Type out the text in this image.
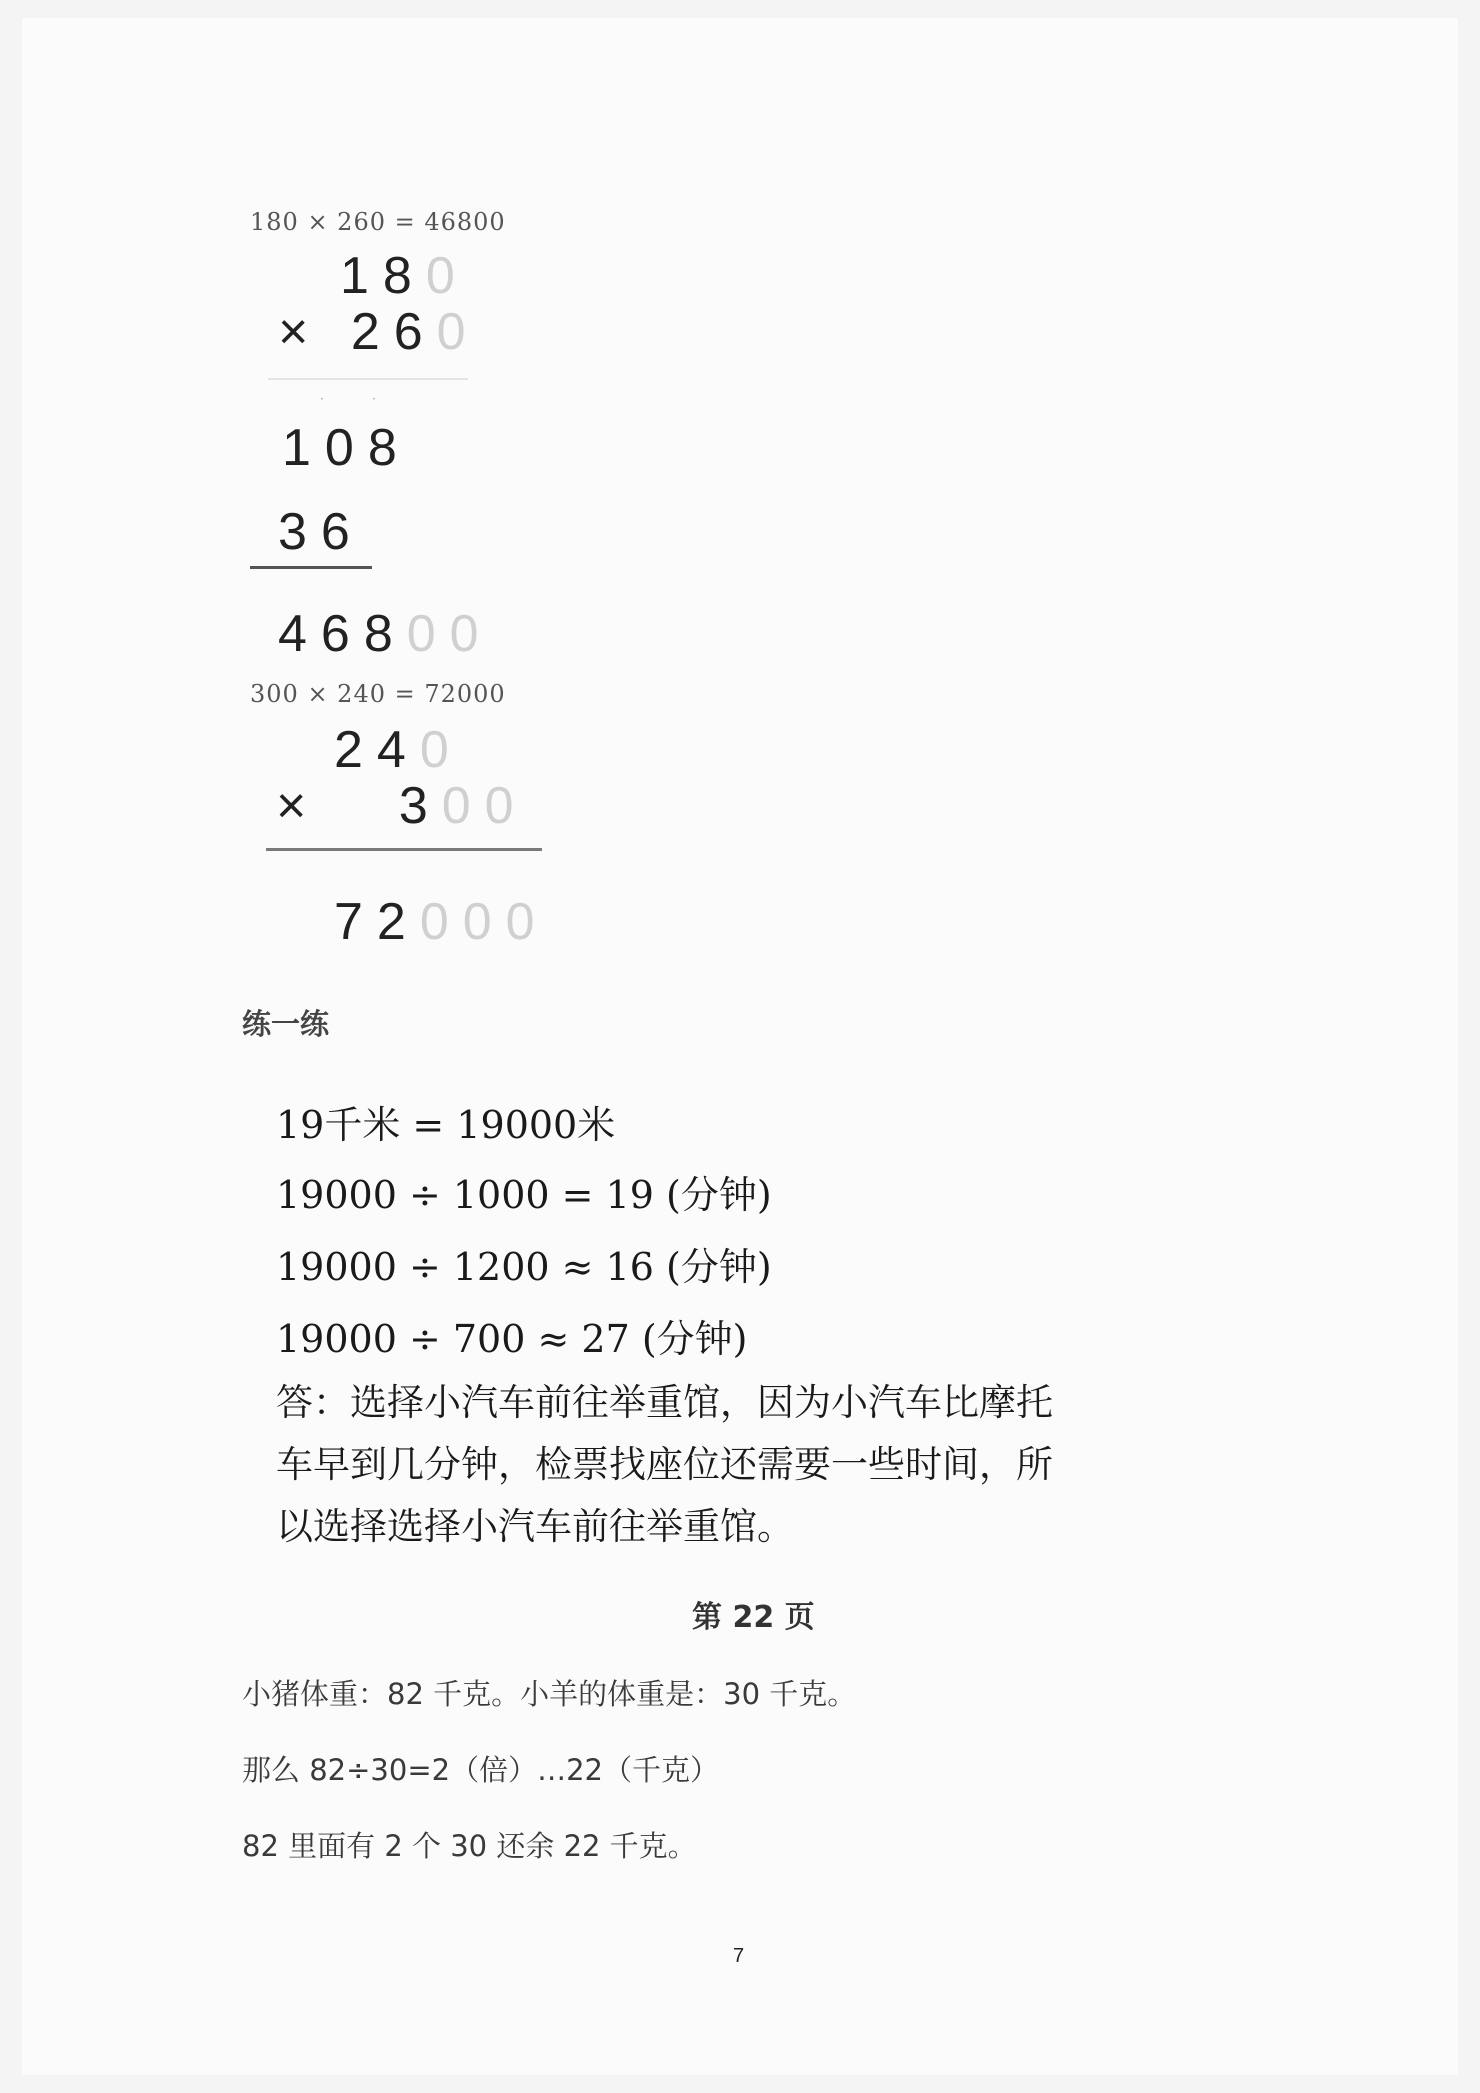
180 × 260 = 46800
180
× 260
·	·
108
36
46800
300 × 240 = 72000
240
× 300
72000
练一练
19千米 = 19000米
19000 ÷ 1000 = 19 (分钟)
19000 ÷ 1200 ≈ 16 (分钟)
19000 ÷ 700 ≈ 27 (分钟)
答：选择小汽车前往举重馆，因为小汽车比摩托
车早到几分钟，检票找座位还需要一些时间，所
以选择选择小汽车前往举重馆。
第 22 页
小猪体重：82 千克。小羊的体重是：30 千克。
那么 82÷30=2（倍）…22（千克）
82 里面有 2 个 30 还余 22 千克。
7
